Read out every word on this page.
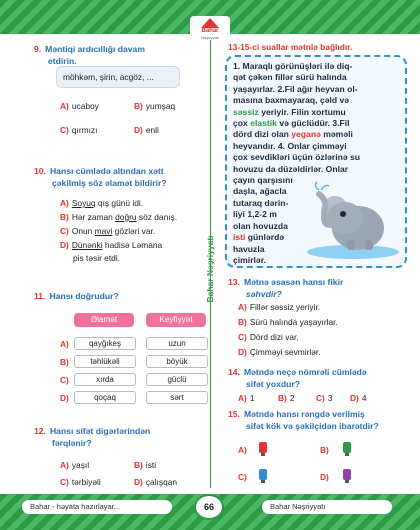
Bahar
Nəşriyyatı
9. Məntiqi ardıcıllığı davam
etdirin.
möhkəm, şirin, acgöz, ...
A) ucaboy	B) yumşaq
C) qırmızı	D) enli
10. Hansı cümlədə altından xətt
çəkilmiş söz əlamət bildirir?
A) Soyuq qış günü idi.
B) Hər zaman doğru söz danış.
C) Onun mavi gözləri var.
D) Dünənki hadisə Ləmana
pis təsir etdi.
11. Hansı doğrudur?
Əlamət	Keyfiyyət
A)	qayğıkeş	uzun
B)	təhlükəli	böyük
C)	xırda	güclü
D)	qoçaq	sərt
12. Hansı sifət digərlərindən
fərqlənir?
A) yaşıl	B) isti
C) tərbiyəli	D) çalışqan
Bahar Nəşriyyatı
13-15-ci suallar mətnlə bağlıdır.
1. Maraqlı görünüşləri ilə diq-
qət çəkən fillər sürü halında
yaşayırlar. 2.Fil ağır heyvan ol-
masına baxmayaraq, çəld və
səssiz yeriyir. Filin xortumu
çox elastik və güclüdür. 3.Fil
dörd dizi olan yeganə məməli
heyvandır. 4. Onlar çimməyi
çox sevdikləri üçün özlərinə su
hovuzu da düzəldirlər. Onlar
çayın qarşısını
daşla, ağacla
tutaraq dərin-
liyi 1,2-2 m
olan hovuzda
isti günlərdə
havuzla
çimirlər.
13. Mətnə əsasən hansı fikir
səhvdir?
A) Fillər səssiz yeriyir.
B) Sürü halında yaşayırlar.
C) Dörd dizi var.
D) Çimməyi sevmirlər.
14. Mətndə neçə nömrəli cümlədə
sifət yoxdur?
A) 1	B) 2	C) 3 D) 4
15. Mətndə hansı rəngdə verilmiş
sifət kök və şəkilçidən ibarətdir?
A)	B)
C)	D)
Bahar - həyata hazırlayar...	66	Bahar Nəşriyyatı
